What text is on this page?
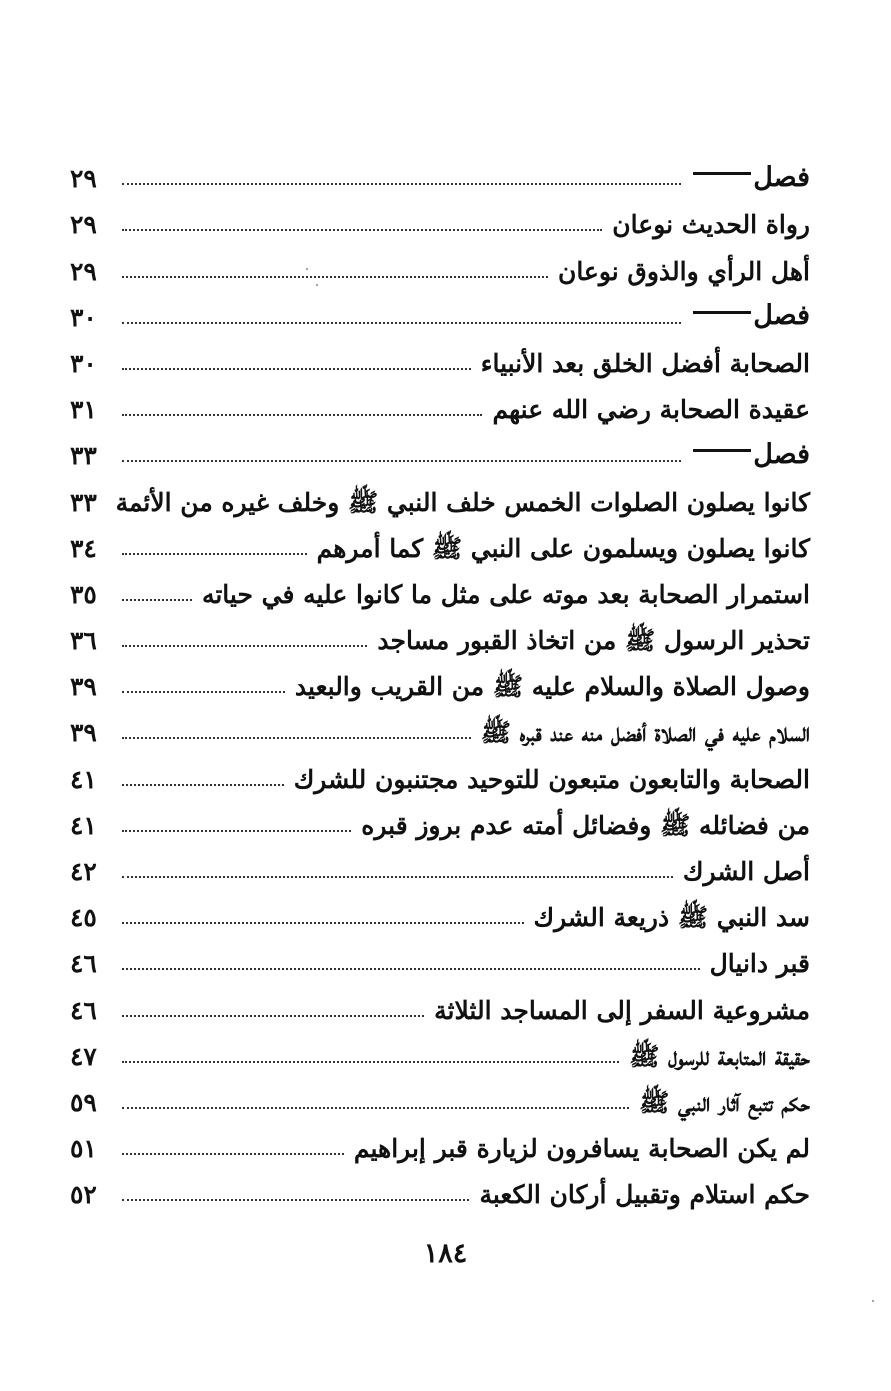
فصل
٢٩
رواة الحديث نوعان
٢٩
أهل الرأي والذوق نوعان
٢٩
فصل
٣٠
الصحابة أفضل الخلق بعد الأنبياء
٣٠
عقيدة الصحابة رضي الله عنهم
٣١
فصل
٣٣
كانوا يصلون الصلوات الخمس خلف النبي ﷺ وخلف غيره من الأئمة
٣٣
كانوا يصلون ويسلمون على النبي ﷺ كما أمرهم
٣٤
استمرار الصحابة بعد موته على مثل ما كانوا عليه في حياته
٣٥
تحذير الرسول ﷺ من اتخاذ القبور مساجد
٣٦
وصول الصلاة والسلام عليه ﷺ من القريب والبعيد
٣٩
السلام عليه في الصلاة أفضل منه عند قبره ﷺ
٣٩
الصحابة والتابعون متبعون للتوحيد مجتنبون للشرك
٤١
من فضائله ﷺ وفضائل أمته عدم بروز قبره
٤١
أصل الشرك
٤٢
سد النبي ﷺ ذريعة الشرك
٤٥
قبر دانيال
٤٦
مشروعية السفر إلى المساجد الثلاثة
٤٦
حقيقة المتابعة للرسول ﷺ
٤٧
حكم تتبع آثار النبي ﷺ
٥٩
لم يكن الصحابة يسافرون لزيارة قبر إبراهيم
٥١
حكم استلام وتقبيل أركان الكعبة
٥٢
١٨٤
